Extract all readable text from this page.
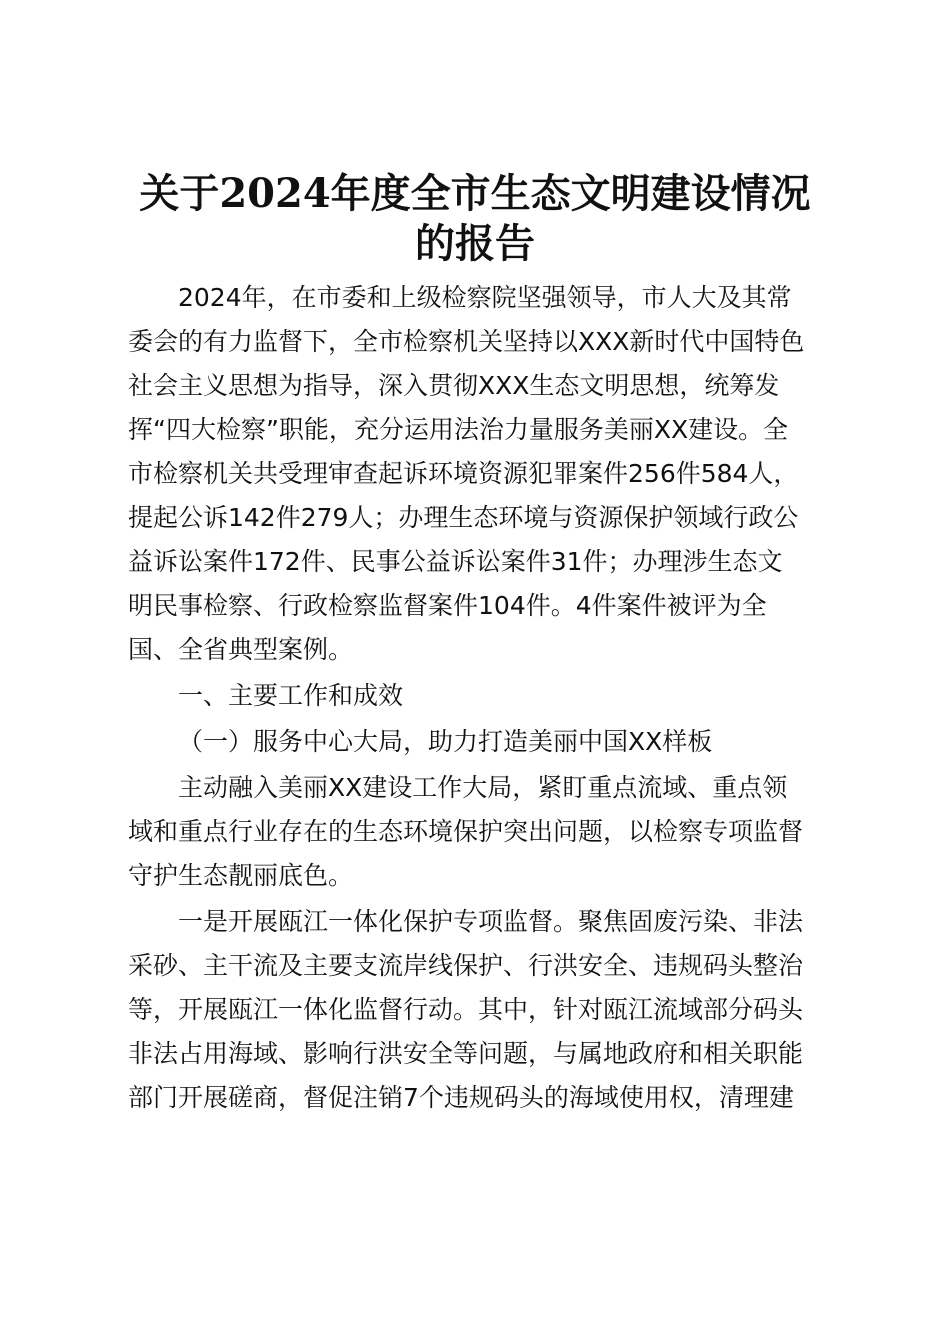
关于2024年度全市生态文明建设情况
的报告

2024年，在市委和上级检察院坚强领导，市人大及其常

委会的有力监督下，全市检察机关坚持以XXX新时代中国特色

社会主义思想为指导，深入贯彻XXX生态文明思想，统筹发

挥“四大检察”职能，充分运用法治力量服务美丽XX建设。全

市检察机关共受理审查起诉环境资源犯罪案件256件584人，

提起公诉142件279人；办理生态环境与资源保护领域行政公

益诉讼案件172件、民事公益诉讼案件31件；办理涉生态文

明民事检察、行政检察监督案件104件。4件案件被评为全

国、全省典型案例。

一、主要工作和成效

（一）服务中心大局，助力打造美丽中国XX样板

主动融入美丽XX建设工作大局，紧盯重点流域、重点领

域和重点行业存在的生态环境保护突出问题，以检察专项监督

守护生态靓丽底色。

一是开展瓯江一体化保护专项监督。聚焦固废污染、非法

采砂、主干流及主要支流岸线保护、行洪安全、违规码头整治

等，开展瓯江一体化监督行动。其中，针对瓯江流域部分码头

非法占用海域、影响行洪安全等问题，与属地政府和相关职能

部门开展磋商，督促注销7个违规码头的海域使用权，清理建
